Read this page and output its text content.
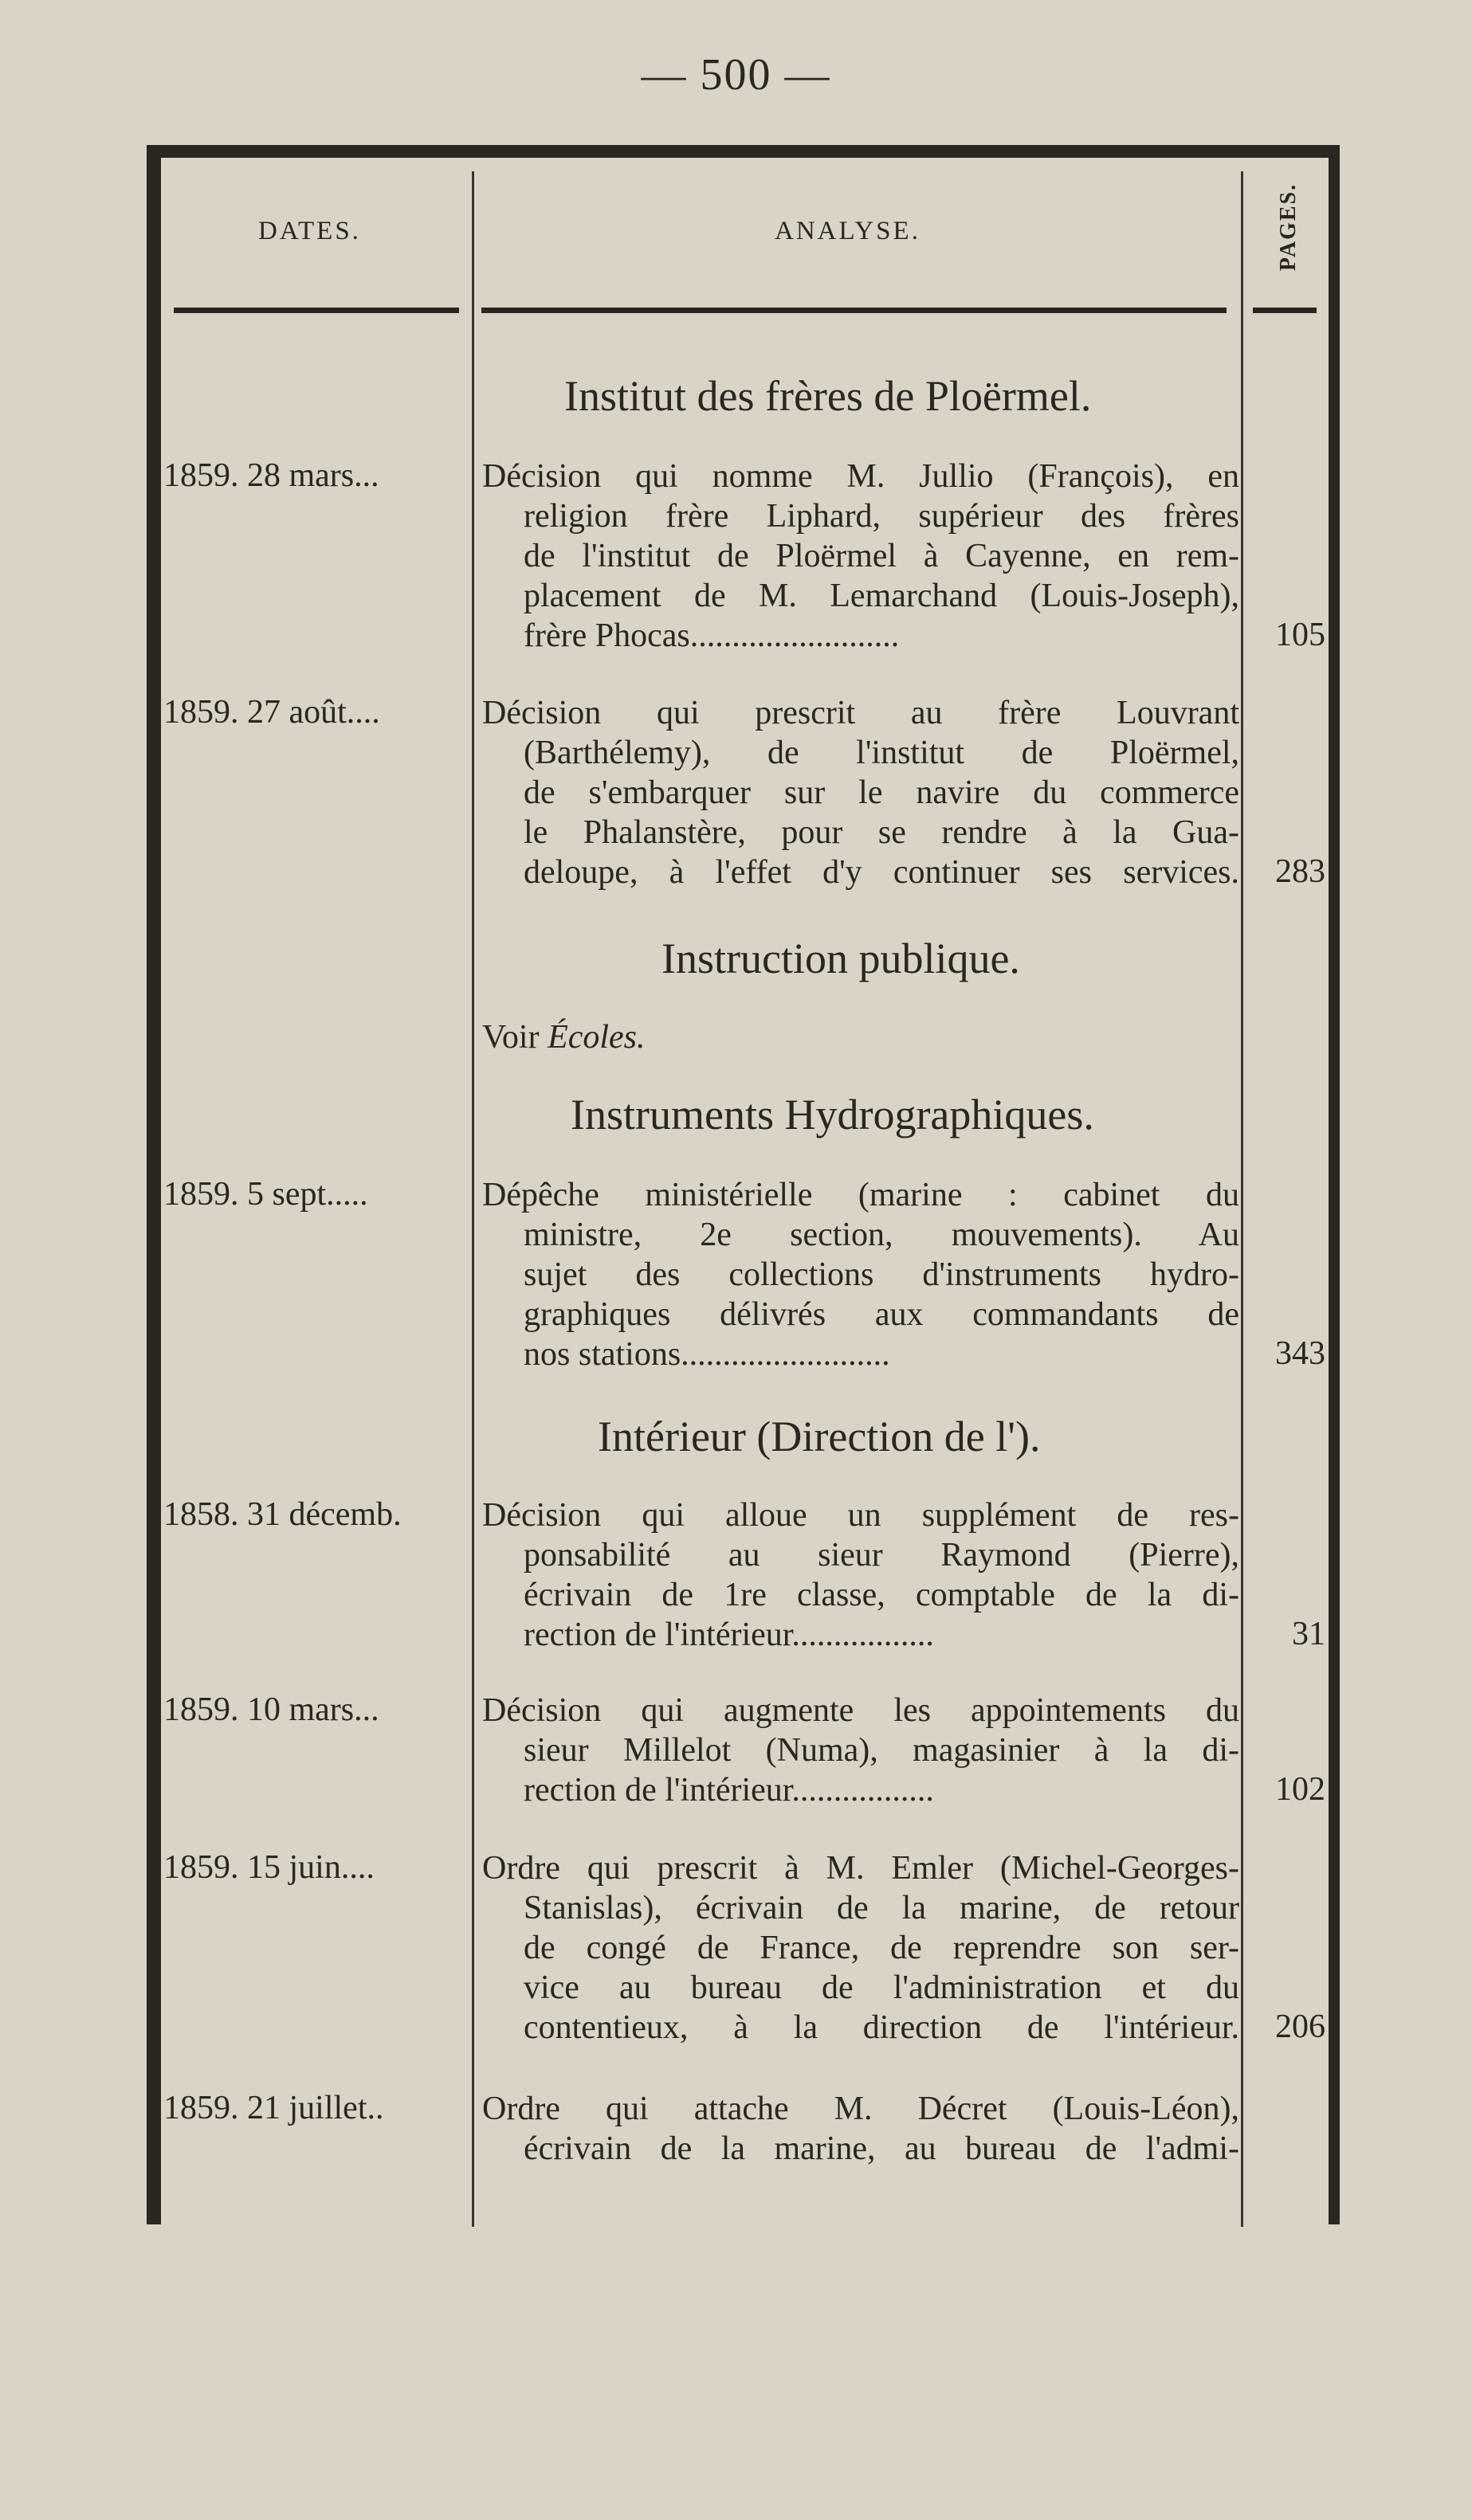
— 500 —
DATES.	ANALYSE.	PAGES.
Institut des frères de Ploërmel.
1859. 28 mars...	Décision qui nomme M. Jullio (François), en
religion frère Liphard, supérieur des frères
de l'institut de Ploërmel à Cayenne, en rem-
placement de M. Lemarchand (Louis-Joseph),
frère Phocas.........................	105
1859. 27 août....	Décision qui prescrit au frère Louvrant
(Barthélemy), de l'institut de Ploërmel,
de s'embarquer sur le navire du commerce
le Phalanstère, pour se rendre à la Gua-
deloupe, à l'effet d'y continuer ses services.	283
Instruction publique.
Voir Écoles.
Instruments Hydrographiques.
1859. 5 sept.....	Dépêche ministérielle (marine : cabinet du
ministre, 2e section, mouvements). Au
sujet des collections d'instruments hydro-
graphiques délivrés aux commandants de
nos stations.........................	343
Intérieur (Direction de l').
1858. 31 décemb.	Décision qui alloue un supplément de res-
ponsabilité au sieur Raymond (Pierre),
écrivain de 1re classe, comptable de la di-
rection de l'intérieur.................	31
1859. 10 mars...	Décision qui augmente les appointements du
sieur Millelot (Numa), magasinier à la di-
rection de l'intérieur.................	102
1859. 15 juin....	Ordre qui prescrit à M. Emler (Michel-Georges-
Stanislas), écrivain de la marine, de retour
de congé de France, de reprendre son ser-
vice au bureau de l'administration et du
contentieux, à la direction de l'intérieur.	206
1859. 21 juillet..	Ordre qui attache M. Décret (Louis-Léon),
écrivain de la marine, au bureau de l'admi-
